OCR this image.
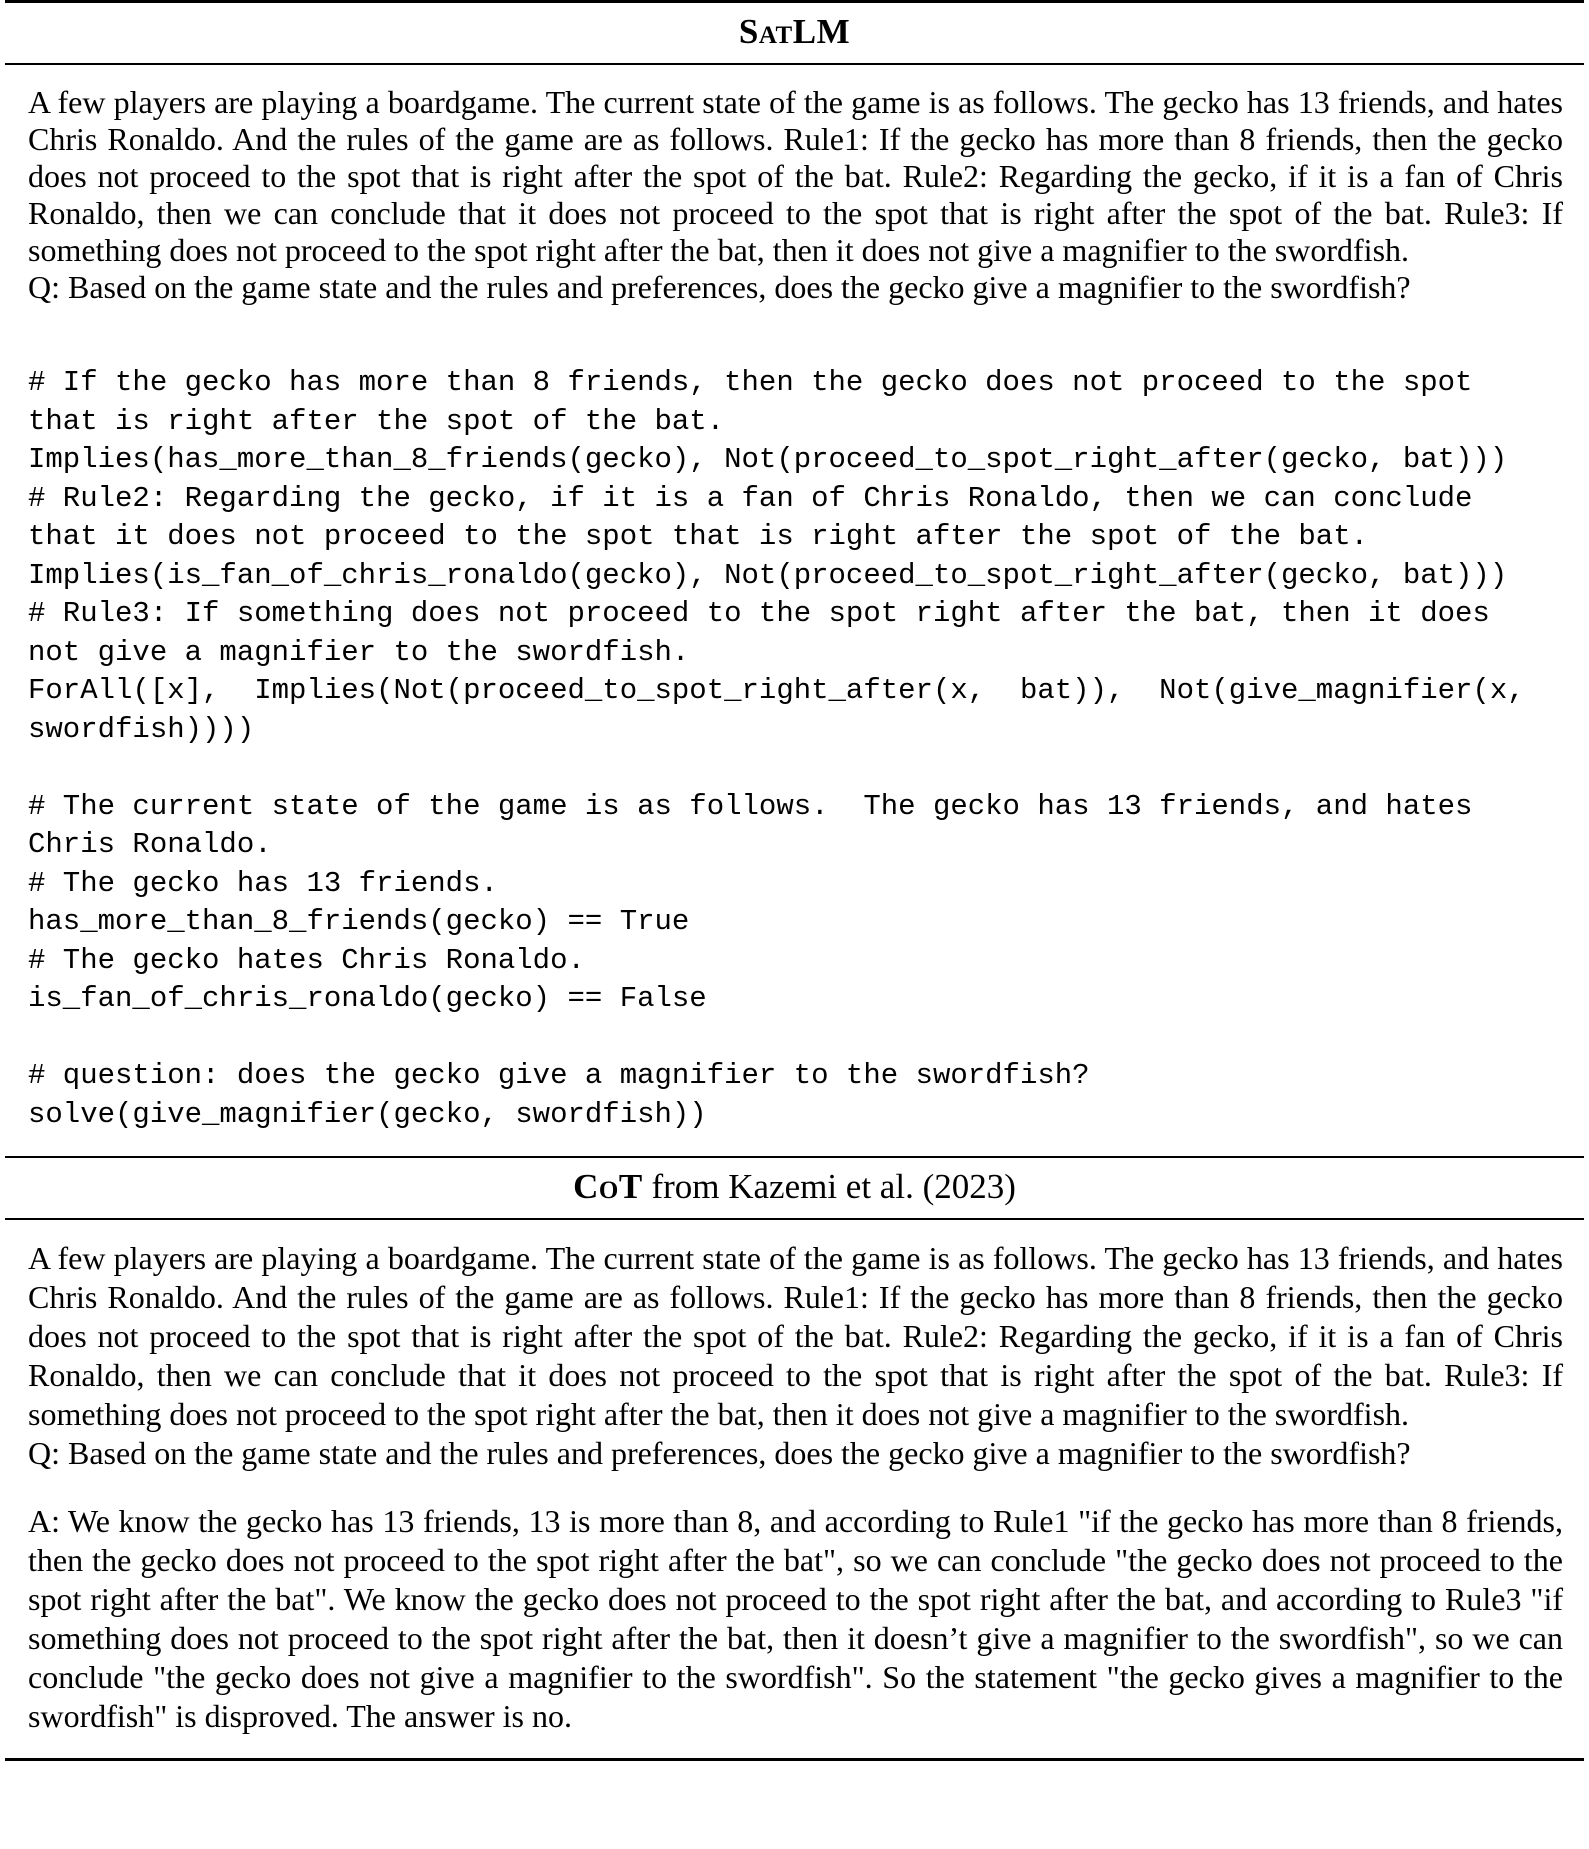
SatLM

A few players are playing a boardgame. The current state of the game is as follows. The gecko has 13 friends, and hates Chris Ronaldo. And the rules of the game are as follows. Rule1: If the gecko has more than 8 friends, then the gecko does not proceed to the spot that is right after the spot of the bat. Rule2: Regarding the gecko, if it is a fan of Chris Ronaldo, then we can conclude that it does not proceed to the spot that is right after the spot of the bat. Rule3: If something does not proceed to the spot right after the bat, then it does not give a magnifier to the swordfish.

Q: Based on the game state and the rules and preferences, does the gecko give a magnifier to the swordfish?

# If the gecko has more than 8 friends, then the gecko does not proceed to the spot
that is right after the spot of the bat.
Implies(has_more_than_8_friends(gecko), Not(proceed_to_spot_right_after(gecko, bat)))
# Rule2: Regarding the gecko, if it is a fan of Chris Ronaldo, then we can conclude
that it does not proceed to the spot that is right after the spot of the bat.
Implies(is_fan_of_chris_ronaldo(gecko), Not(proceed_to_spot_right_after(gecko, bat)))
# Rule3: If something does not proceed to the spot right after the bat, then it does
not give a magnifier to the swordfish.
ForAll([x],  Implies(Not(proceed_to_spot_right_after(x,  bat)),  Not(give_magnifier(x,
swordfish))))

# The current state of the game is as follows.  The gecko has 13 friends, and hates
Chris Ronaldo.
# The gecko has 13 friends.
has_more_than_8_friends(gecko) == True
# The gecko hates Chris Ronaldo.
is_fan_of_chris_ronaldo(gecko) == False

# question: does the gecko give a magnifier to the swordfish?
solve(give_magnifier(gecko, swordfish))
CoT from Kazemi et al. (2023)

A few players are playing a boardgame. The current state of the game is as follows. The gecko has 13 friends, and hates Chris Ronaldo. And the rules of the game are as follows. Rule1: If the gecko has more than 8 friends, then the gecko does not proceed to the spot that is right after the spot of the bat. Rule2: Regarding the gecko, if it is a fan of Chris Ronaldo, then we can conclude that it does not proceed to the spot that is right after the spot of the bat. Rule3: If something does not proceed to the spot right after the bat, then it does not give a magnifier to the swordfish.

Q: Based on the game state and the rules and preferences, does the gecko give a magnifier to the swordfish?

A: We know the gecko has 13 friends, 13 is more than 8, and according to Rule1 "if the gecko has more than 8 friends, then the gecko does not proceed to the spot right after the bat", so we can conclude "the gecko does not proceed to the spot right after the bat". We know the gecko does not proceed to the spot right after the bat, and according to Rule3 "if something does not proceed to the spot right after the bat, then it doesn’t give a magnifier to the swordfish", so we can conclude "the gecko does not give a magnifier to the swordfish". So the statement "the gecko gives a magnifier to the swordfish" is disproved. The answer is no.
